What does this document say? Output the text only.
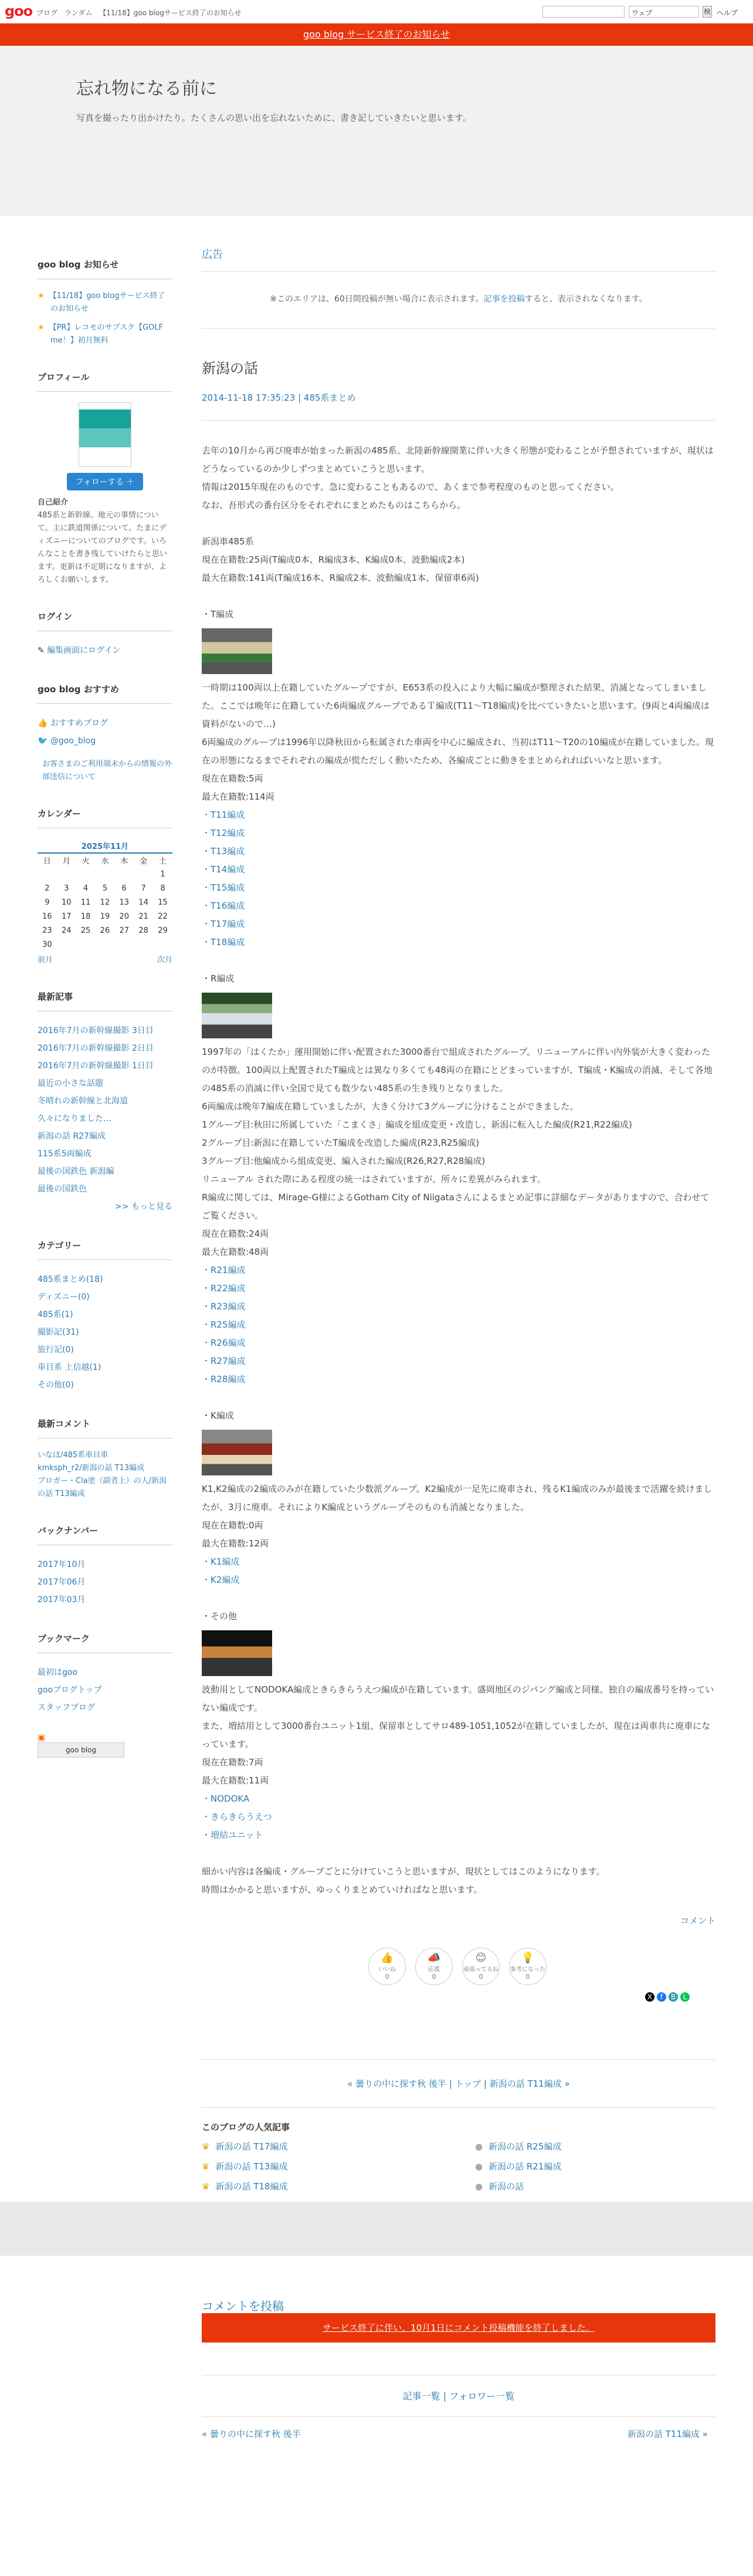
goo ブログ ランダム 【11/18】goo blogサービス終了のお知らせ	ウェブ	検 ヘルプ
goo blog サービス終了のお知らせ
忘れ物になる前に

写真を撮ったり出かけたり。たくさんの思い出を忘れないために、書き記していきたいと思います。

goo blog お知らせ
★ 【11/18】goo blogサービス終了のお知らせ
★ 【PR】レコモのサブスク【GOLF me！】初月無料
プロフィール
フォローする ＋
自己紹介
485系と新幹線、地元の事情について。主に鉄道関係について。たまにディズニーについてのブログです。いろんなことを書き残していけたらと思います。更新は不定期になりますが、よろしくお願いします。
ログイン
✎ 編集画面にログイン
goo blog おすすめ
👍 おすすめブログ
🐦 @goo_blog
お客さまのご利用端末からの情報の外部送信について
カレンダー
2025年11月						
日	月	火	水	木	金	土
						1
2	3	4	5	6	7	8
9	10	11	12	13	14	15
16	17	18	19	20	21	22
23	24	25	26	27	28	29
30						
前月	次月
最新記事
2016年7月の新幹線撮影 3日目
2016年7月の新幹線撮影 2日目
2016年7月の新幹線撮影 1日目
最近の小さな話題
冬晴れの新幹線と北海道
久々になりました…
新潟の話 R27編成
115系5両編成
最後の国鉄色 新潟編
最後の国鉄色
>> もっと見る
カテゴリー
485系まとめ(18)
ディズニー(0)
485系(1)
撮影記(31)
旅行記(0)
車目系 上信越(1)
その他(0)
最新コメント
いなほ/485系車目車
kmksph_r2/新潟の話 T13編成
ブロガー・Cla塗（副者上）の人/新潟の話 T13編成
バックナンバー
2017年10月
2017年06月
2017年03月
ブックマーク
最初はgoo
gooブログトップ
スタッフブログ
▣
goo blog
広告
※このエリアは、60日間投稿が無い場合に表示されます。記事を投稿すると、表示されなくなります。
新潟の話
2014-11-18 17:35:23 | 485系まとめ
去年の10月から再び廃車が始まった新潟の485系。北陸新幹線開業に伴い大きく形態が変わることが予想されていますが、現状はどうなっているのか少しずつまとめていこうと思います。
情報は2015年現在のものです。急に変わることもあるので、あくまで参考程度のものと思ってください。
なお、吾形式の番台区分をそれぞれにまとめたものはこちらから。

新潟車485系
現在在籍数:25両(T編成0本、R編成3本、K編成0本、波動編成2本)
最大在籍数:141両(T編成16本、R編成2本、波動編成1本、保留車6両)

・T編成
一時期は100両以上在籍していたグループですが、E653系の投入により大幅に編成が整理された結果、消滅となってしまいました。ここでは晩年に在籍していた6両編成グループであるＴ編成(T11〜T18編成)を比べていきたいと思います。(9両と4両編成は資料がないので…)
6両編成のグループは1996年以降秋田から転属された車両を中心に編成され、当初はT11〜T20の10編成が在籍していました。現在の形態になるまでそれぞれの編成が慌ただしく動いたため、各編成ごとに動きをまとめられればいいなと思います。
現在在籍数:5両
最大在籍数:114両
・T11編成
・T12編成
・T13編成
・T14編成
・T15編成
・T16編成
・T17編成
・T18編成

・R編成
1997年の「はくたか」運用開始に伴い配置された3000番台で組成されたグループ。リニューアルに伴い内外装が大きく変わったのが特徴。100両以上配置されたT編成とは異なり多くても48両の在籍にとどまっていますが、T編成・K編成の消滅、そして各地の485系の消滅に伴い全国で見ても数少ない485系の生き残りとなりました。
6両編成は晩年7編成在籍していましたが、大きく分けて3グループに分けることができました。
1グループ目:秋田に所属していた「こまくさ」編成を組成変更・改造し、新潟に転入した編成(R21,R22編成)
2グループ目:新潟に在籍していたT編成を改造した編成(R23,R25編成)
3グループ目:他編成から組成変更、編入された編成(R26,R27,R28編成)
リニューアル された際にある程度の統一はされていますが、所々に差異がみられます。
R編成に関しては、Mirage-G様によるGotham City of Niigataさんによるまとめ記事に詳細なデータがありますので、合わせてご覧ください。
現在在籍数:24両
最大在籍数:48両
・R21編成
・R22編成
・R23編成
・R25編成
・R26編成
・R27編成
・R28編成

・K編成
K1,K2編成の2編成のみが在籍していた少数派グループ。K2編成が一足先に廃車され、残るK1編成のみが最後まで活躍を続けましたが、3月に廃車。それによりK編成というグループそのものも消滅となりました。
現在在籍数:0両
最大在籍数:12両
・K1編成
・K2編成

・その他
波動用としてNODOKA編成ときらきらうえつ編成が在籍しています。盛岡地区のジパング編成と同様、独自の編成番号を持っていない編成です。
また、増結用として3000番台ユニット1組、保留車としてサロ489-1051,1052が在籍していましたが、現在は両車共に廃車になっています。
現在在籍数:7両
最大在籍数:11両
・NODOKA
・きらきらうえつ
・増結ユニット

細かい内容は各編成・グループごとに分けていこうと思いますが、現状としてはこのようになります。
時間はかかると思いますが、ゆっくりまとめていければなと思います。
コメント
👍
いいね
0
📣
応援
0
😊
頑張ってるね
0
💡
参考になった
0
X	f	B	L
« 曇りの中に探す秋 後半 | トップ | 新潟の話 T11編成 »
このブログの人気記事
♛ 新潟の話 T17編成
♛ 新潟の話 T13編成
♛ 新潟の話 T18編成
● 新潟の話 R25編成
● 新潟の話 R21編成
● 新潟の話
コメントを投稿
サービス終了に伴い、10月1日にコメント投稿機能を終了しました。
記事一覧 | フォロワー一覧
« 曇りの中に探す秋 後半	新潟の話 T11編成 »
